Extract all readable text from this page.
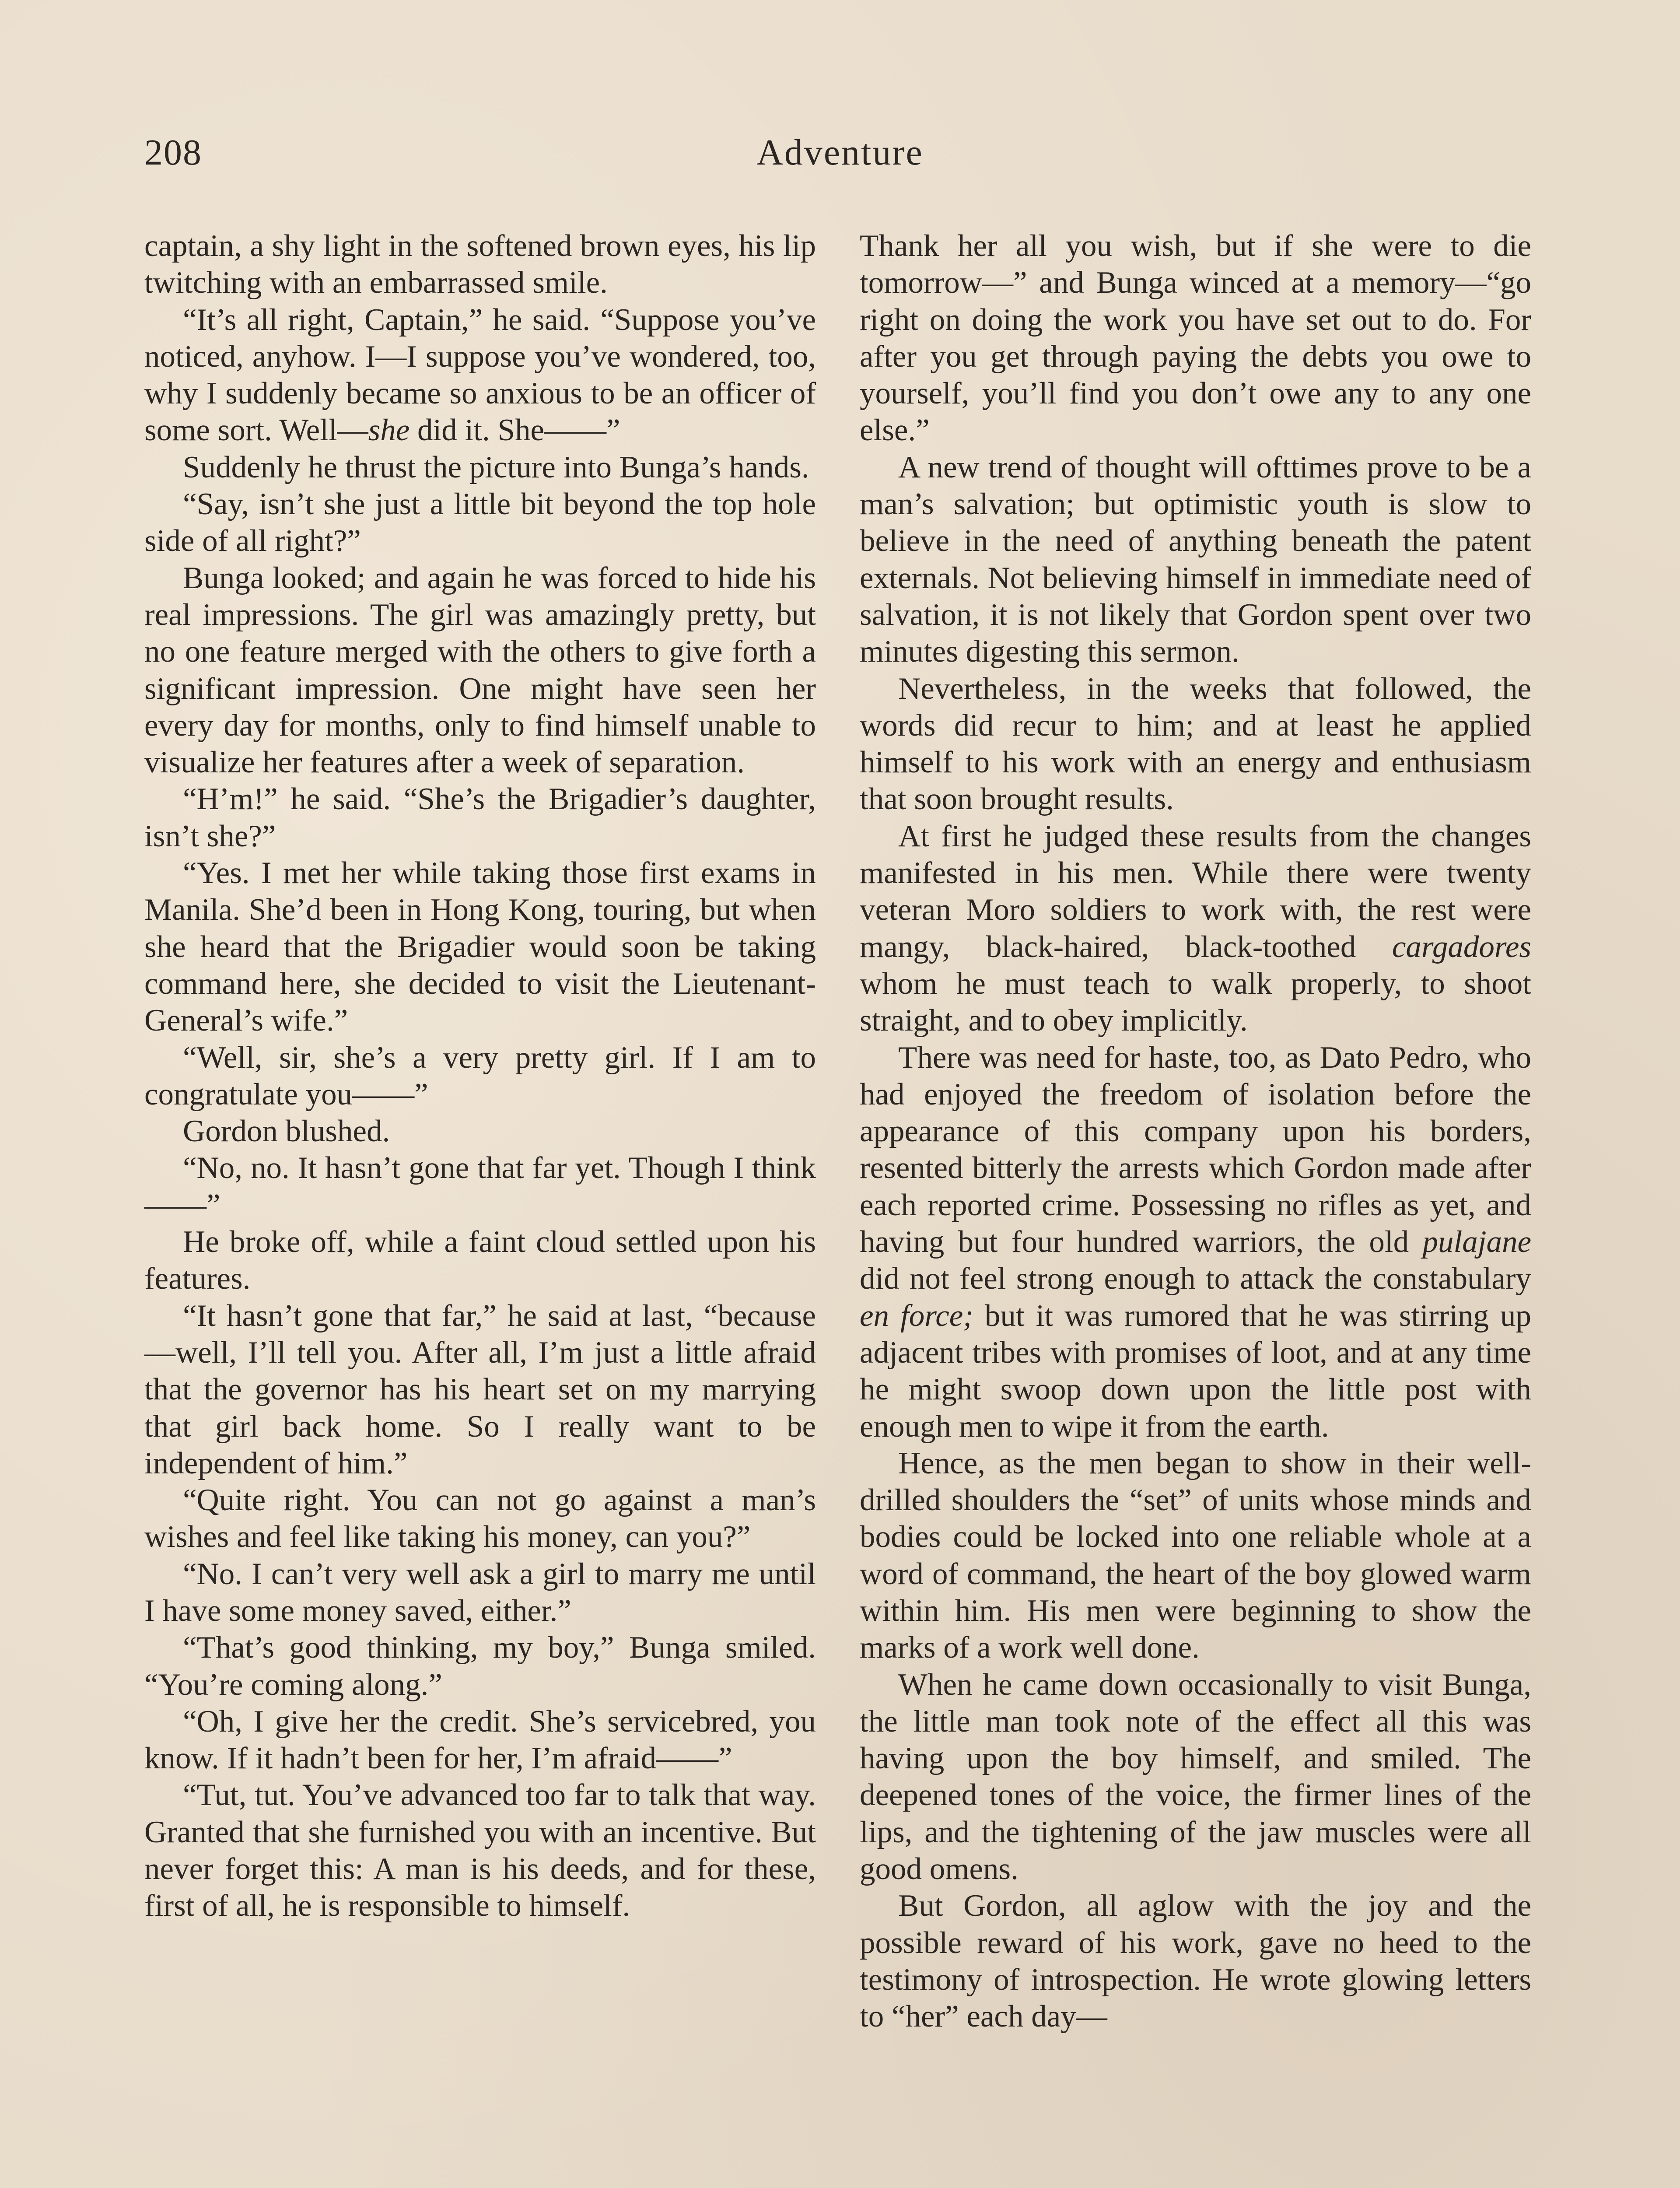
208	Adventure

captain, a shy light in the softened brown eyes, his lip twitching with an embarrassed smile.

“It’s all right, Captain,” he said. “Suppose you’ve noticed, anyhow. I—I suppose you’ve wondered, too, why I suddenly became so anxious to be an officer of some sort. Well—she did it. She——”

Suddenly he thrust the picture into Bunga’s hands.

“Say, isn’t she just a little bit beyond the top hole side of all right?”

Bunga looked; and again he was forced to hide his real impressions. The girl was amazingly pretty, but no one feature merged with the others to give forth a significant impression. One might have seen her every day for months, only to find himself unable to visualize her features after a week of separation.

“H’m!” he said. “She’s the Brigadier’s daughter, isn’t she?”

“Yes. I met her while taking those first exams in Manila. She’d been in Hong Kong, touring, but when she heard that the Brigadier would soon be taking command here, she decided to visit the Lieutenant-General’s wife.”

“Well, sir, she’s a very pretty girl. If I am to congratulate you——”

Gordon blushed.

“No, no. It hasn’t gone that far yet. Though I think——”

He broke off, while a faint cloud settled upon his features.

“It hasn’t gone that far,” he said at last, “because—well, I’ll tell you. After all, I’m just a little afraid that the governor has his heart set on my marrying that girl back home. So I really want to be independent of him.”

“Quite right. You can not go against a man’s wishes and feel like taking his money, can you?”

“No. I can’t very well ask a girl to marry me until I have some money saved, either.”

“That’s good thinking, my boy,” Bunga smiled. “You’re coming along.”

“Oh, I give her the credit. She’s servicebred, you know. If it hadn’t been for her, I’m afraid——”

“Tut, tut. You’ve advanced too far to talk that way. Granted that she furnished you with an incentive. But never forget this: A man is his deeds, and for these, first of all, he is responsible to himself.

Thank her all you wish, but if she were to die tomorrow—” and Bunga winced at a memory—“go right on doing the work you have set out to do. For after you get through paying the debts you owe to yourself, you’ll find you don’t owe any to any one else.”

A new trend of thought will ofttimes prove to be a man’s salvation; but optimistic youth is slow to believe in the need of anything beneath the patent externals. Not believing himself in immediate need of salvation, it is not likely that Gordon spent over two minutes digesting this sermon.

Nevertheless, in the weeks that followed, the words did recur to him; and at least he applied himself to his work with an energy and enthusiasm that soon brought results.

At first he judged these results from the changes manifested in his men. While there were twenty veteran Moro soldiers to work with, the rest were mangy, black-haired, black-toothed cargadores whom he must teach to walk properly, to shoot straight, and to obey implicitly.

There was need for haste, too, as Dato Pedro, who had enjoyed the freedom of isolation before the appearance of this company upon his borders, resented bitterly the arrests which Gordon made after each reported crime. Possessing no rifles as yet, and having but four hundred warriors, the old pulajane did not feel strong enough to attack the constabulary en force; but it was rumored that he was stirring up adjacent tribes with promises of loot, and at any time he might swoop down upon the little post with enough men to wipe it from the earth.

Hence, as the men began to show in their well-drilled shoulders the “set” of units whose minds and bodies could be locked into one reliable whole at a word of command, the heart of the boy glowed warm within him. His men were beginning to show the marks of a work well done.

When he came down occasionally to visit Bunga, the little man took note of the effect all this was having upon the boy himself, and smiled. The deepened tones of the voice, the firmer lines of the lips, and the tightening of the jaw muscles were all good omens.

But Gordon, all aglow with the joy and the possible reward of his work, gave no heed to the testimony of introspection. He wrote glowing letters to “her” each day—
